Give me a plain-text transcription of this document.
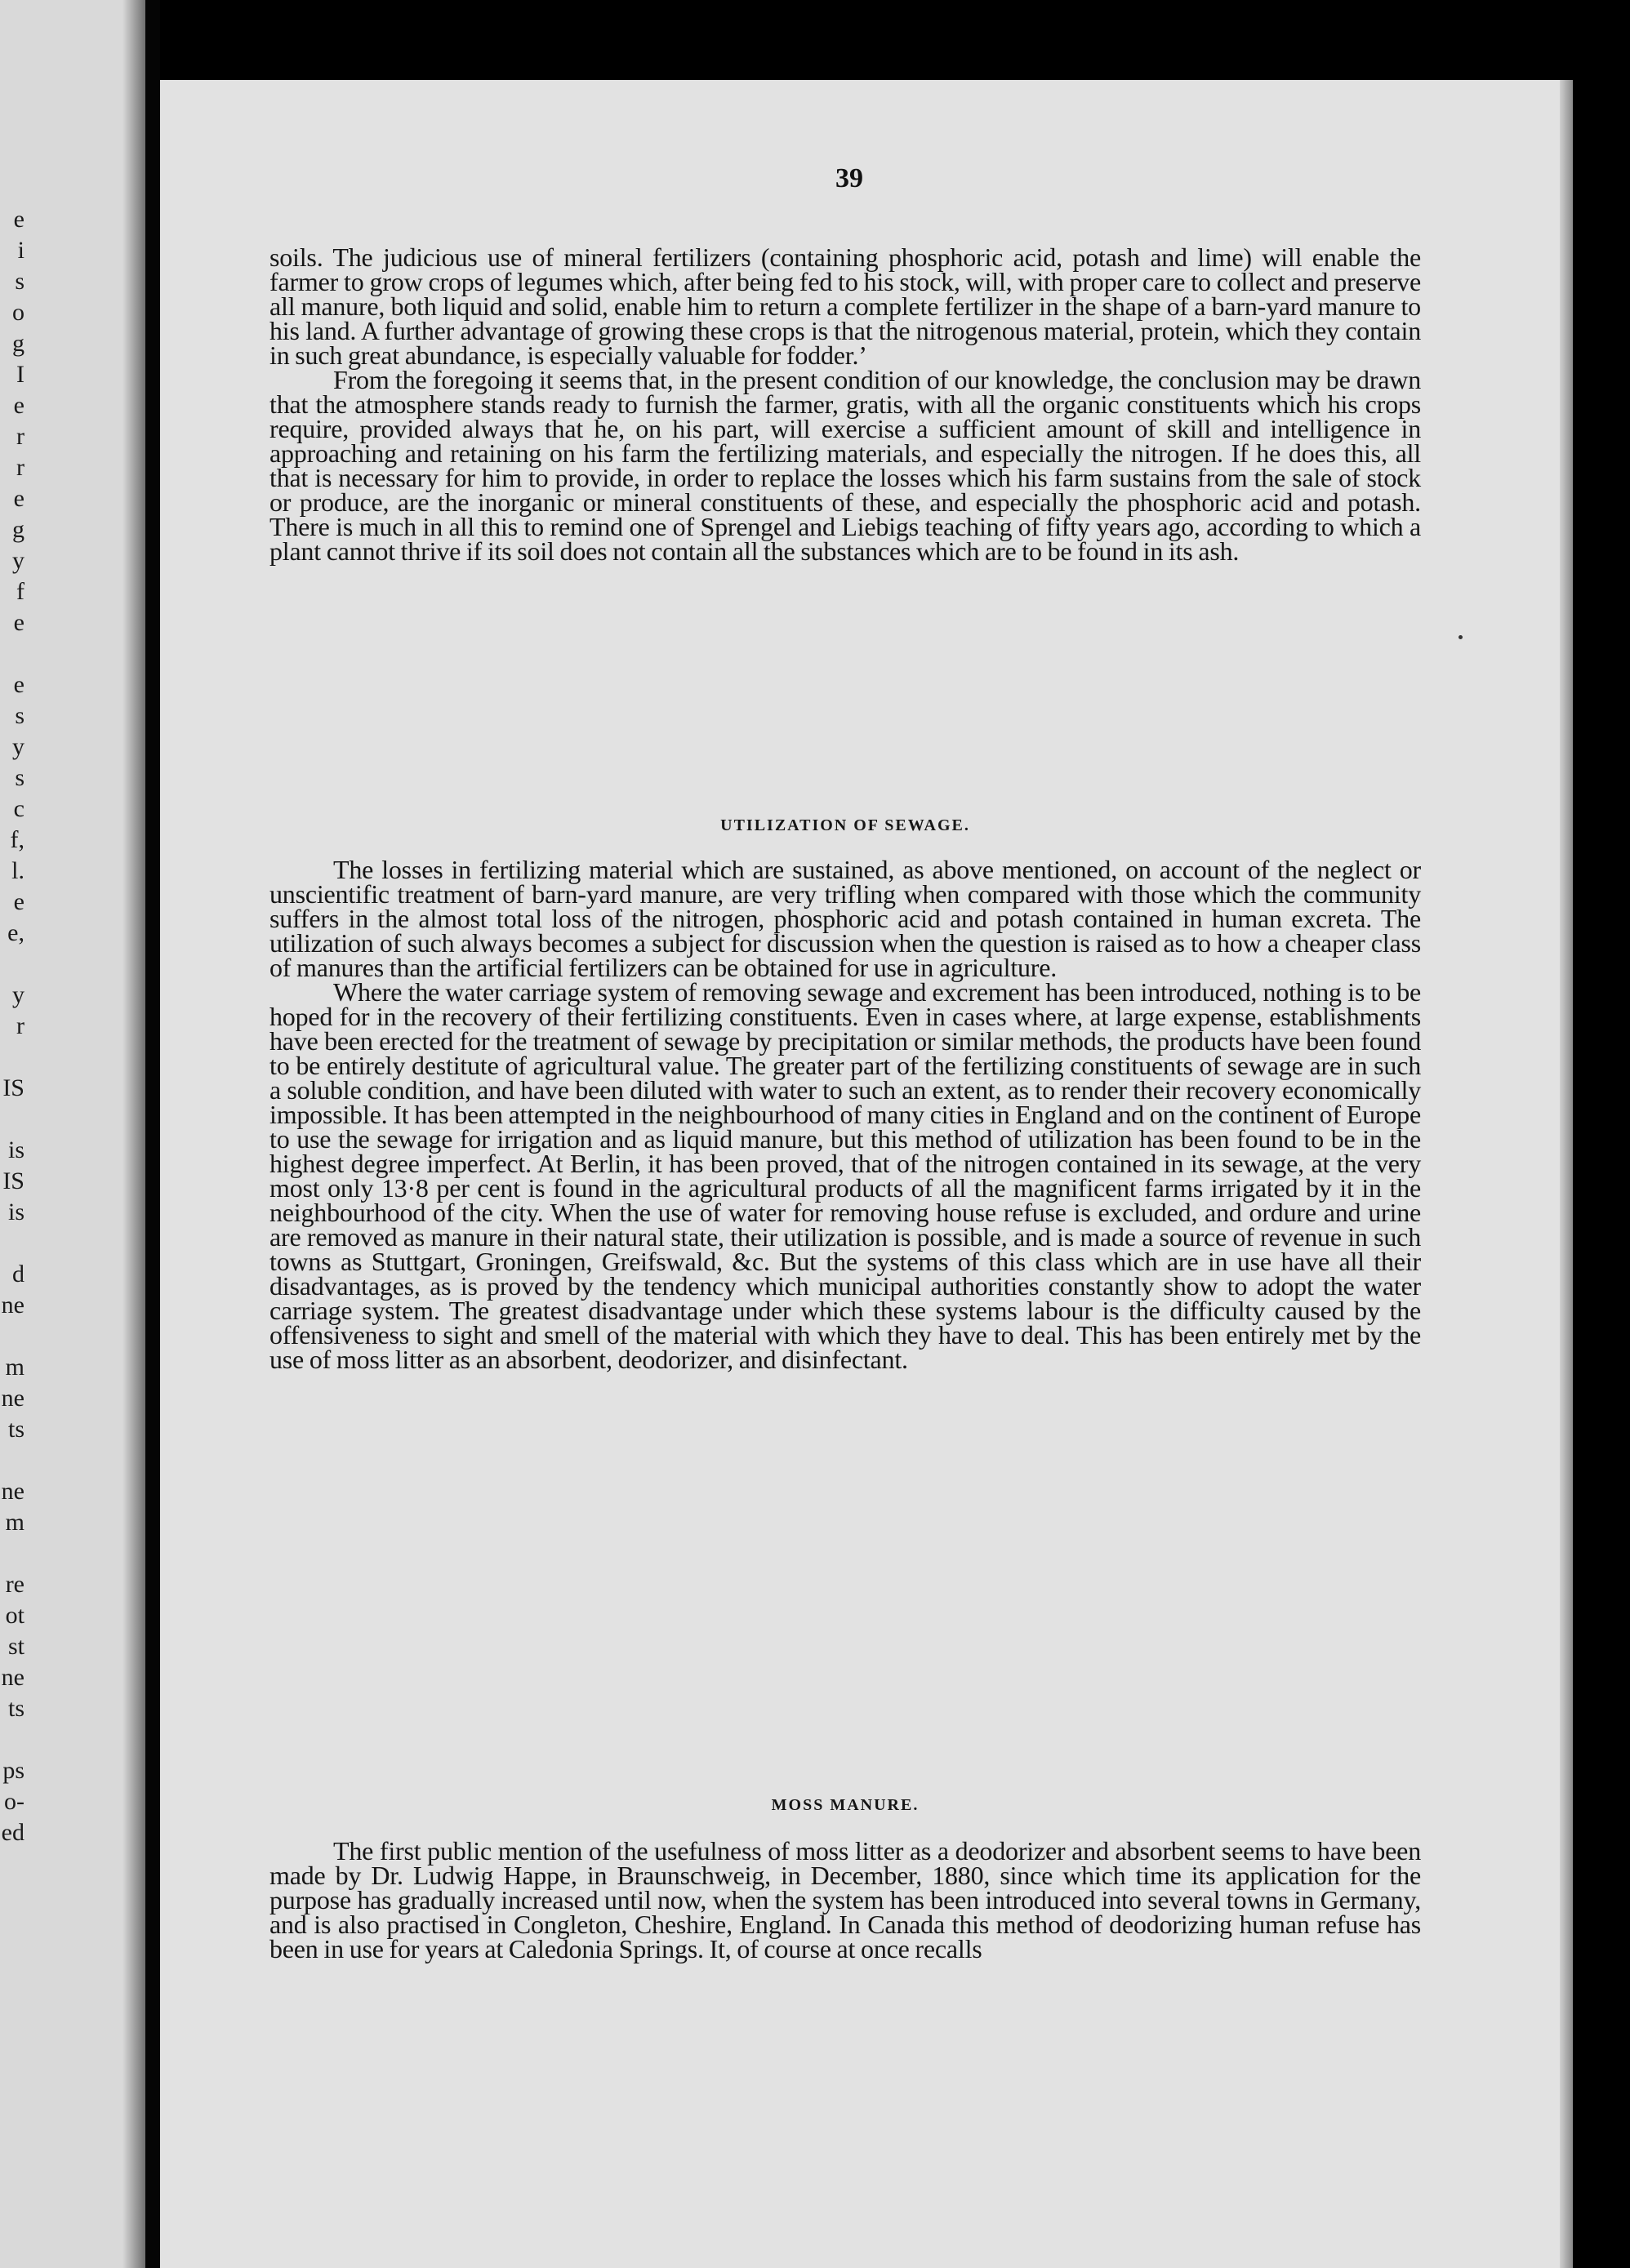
e
i
s
o
g
I
e
r
r
e
g
y
f
e
e
s
y
s
c
f,
l.
e
e,
y
r
IS
is
IS
is
d
ne
m
ne
ts
ne
m
re
ot
st
ne
ts
ps
o-
ed
39

soils. The judicious use of mineral fertilizers (containing phosphoric acid, potash and lime) will enable the farmer to grow crops of legumes which, after being fed to his stock, will, with proper care to collect and preserve all manure, both liquid and solid, enable him to return a complete fertilizer in the shape of a barn-yard manure to his land. A further advantage of growing these crops is that the nitrogenous material, protein, which they contain in such great abundance, is especially valuable for fodder.’

From the foregoing it seems that, in the present condition of our knowledge, the conclusion may be drawn that the atmosphere stands ready to furnish the farmer, gratis, with all the organic constituents which his crops require, provided always that he, on his part, will exercise a sufficient amount of skill and intelligence in approaching and retaining on his farm the fertilizing materials, and especially the nitrogen. If he does this, all that is necessary for him to provide, in order to replace the losses which his farm sustains from the sale of stock or produce, are the inorganic or mineral constituents of these, and especially the phosphoric acid and potash. There is much in all this to remind one of Sprengel and Liebigs teaching of fifty years ago, according to which a plant cannot thrive if its soil does not contain all the substances which are to be found in its ash.

UTILIZATION OF SEWAGE.

The losses in fertilizing material which are sustained, as above mentioned, on account of the neglect or unscientific treatment of barn-yard manure, are very trifling when compared with those which the community suffers in the almost total loss of the nitrogen, phosphoric acid and potash contained in human excreta. The utilization of such always becomes a subject for discussion when the question is raised as to how a cheaper class of manures than the artificial fertilizers can be obtained for use in agriculture.

Where the water carriage system of removing sewage and excrement has been introduced, nothing is to be hoped for in the recovery of their fertilizing constituents. Even in cases where, at large expense, establishments have been erected for the treatment of sewage by precipitation or similar methods, the products have been found to be entirely destitute of agricultural value. The greater part of the fertilizing constituents of sewage are in such a soluble condition, and have been diluted with water to such an extent, as to render their recovery economically impossible. It has been attempted in the neighbourhood of many cities in England and on the continent of Europe to use the sewage for irrigation and as liquid manure, but this method of utilization has been found to be in the highest degree imperfect. At Berlin, it has been proved, that of the nitrogen contained in its sewage, at the very most only 13·8 per cent is found in the agricultural products of all the magnificent farms irrigated by it in the neighbourhood of the city. When the use of water for removing house refuse is excluded, and ordure and urine are removed as manure in their natural state, their utilization is possible, and is made a source of revenue in such towns as Stuttgart, Groningen, Greifswald, &c. But the systems of this class which are in use have all their disadvantages, as is proved by the tendency which municipal authorities constantly show to adopt the water carriage system. The greatest disadvantage under which these systems labour is the difficulty caused by the offensiveness to sight and smell of the material with which they have to deal. This has been entirely met by the use of moss litter as an absorbent, deodorizer, and disinfectant.

MOSS MANURE.

The first public mention of the usefulness of moss litter as a deodorizer and absorbent seems to have been made by Dr. Ludwig Happe, in Braunschweig, in December, 1880, since which time its application for the purpose has gradually increased until now, when the system has been introduced into several towns in Germany, and is also practised in Congleton, Cheshire, England. In Canada this method of deodorizing human refuse has been in use for years at Caledonia Springs. It, of course at once recalls
